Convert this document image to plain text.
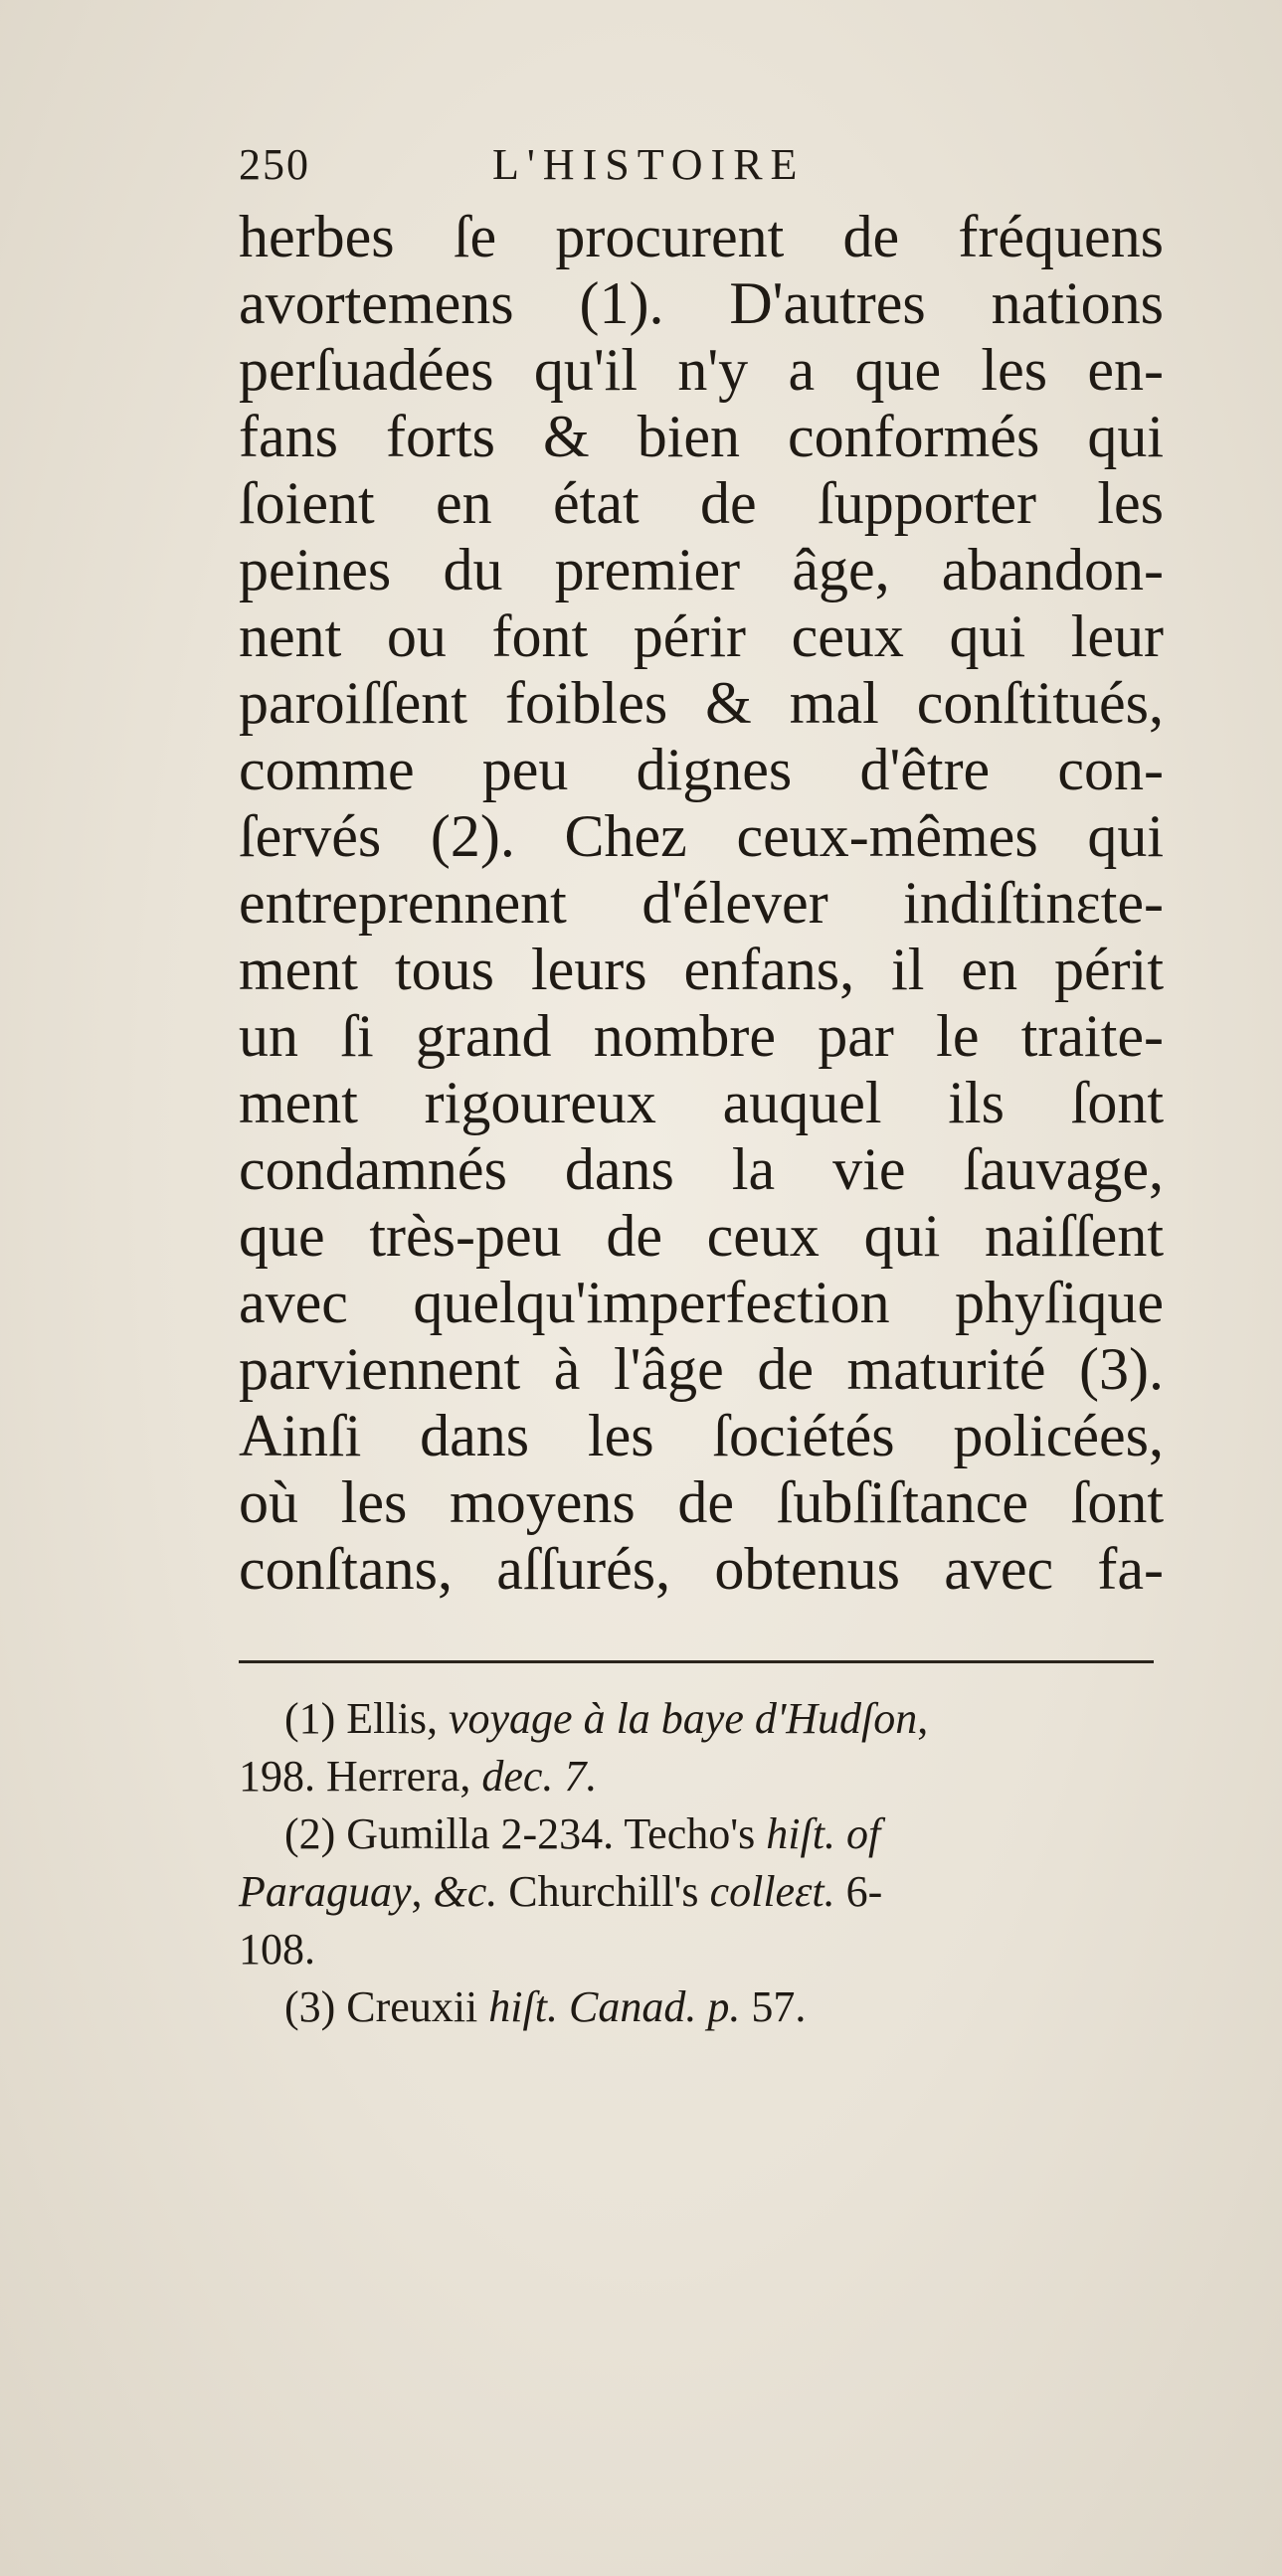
250	L'HISTOIRE
herbes ſe procurent de fréquens
avortemens (1). D'autres nations
perſuadées qu'il n'y a que les en-
fans forts & bien conformés qui
ſoient en état de ſupporter les
peines du premier âge, abandon-
nent ou font périr ceux qui leur
paroiſſent foibles & mal conſtitués,
comme peu dignes d'être con-
ſervés (2). Chez ceux-mêmes qui
entreprennent d'élever indiſtinɛte-
ment tous leurs enfans, il en périt
un ſi grand nombre par le traite-
ment rigoureux auquel ils ſont
condamnés dans la vie ſauvage,
que très-peu de ceux qui naiſſent
avec quelqu'imperfeɛtion phyſique
parviennent à l'âge de maturité (3).
Ainſi dans les ſociétés policées,
où les moyens de ſubſiſtance ſont
conſtans, aſſurés, obtenus avec fa-
(1) Ellis, voyage à la baye d'Hudſon,
198. Herrera, dec. 7.
(2) Gumilla 2-234. Techo's hiſt. of
Paraguay, &c. Churchill's colleɛt. 6-
108.
(3) Creuxii hiſt. Canad. p. 57.
